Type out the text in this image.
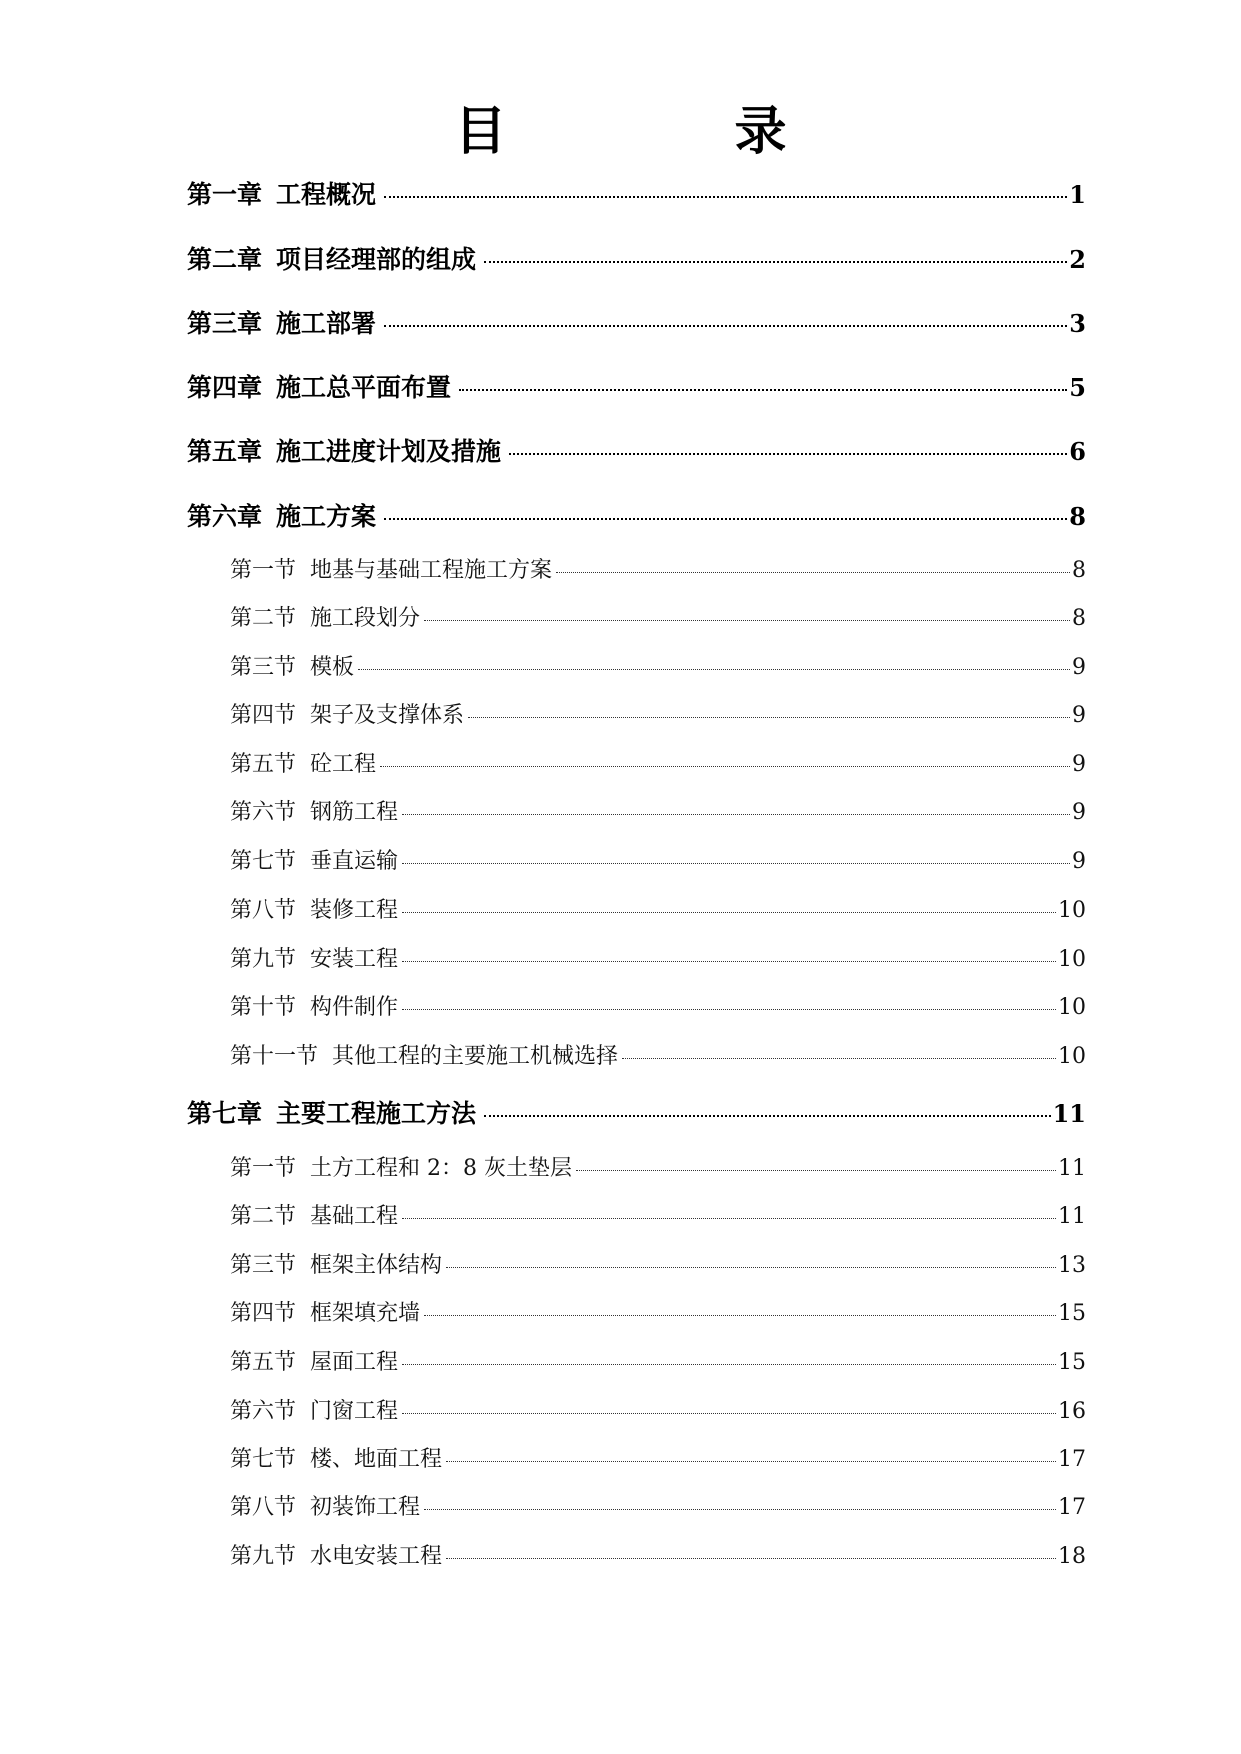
目　录
第一章 工程概况	1
第二章 项目经理部的组成	2
第三章 施工部署	3
第四章 施工总平面布置	5
第五章 施工进度计划及措施	6
第六章 施工方案	8
第一节 地基与基础工程施工方案	8
第二节 施工段划分	8
第三节 模板	9
第四节 架子及支撑体系	9
第五节 砼工程	9
第六节 钢筋工程	9
第七节 垂直运输	9
第八节 装修工程	10
第九节 安装工程	10
第十节 构件制作	10
第十一节 其他工程的主要施工机械选择	10
第七章 主要工程施工方法	11
第一节 土方工程和 2：8 灰土垫层	11
第二节 基础工程	11
第三节 框架主体结构	13
第四节 框架填充墙	15
第五节 屋面工程	15
第六节 门窗工程	16
第七节 楼、地面工程	17
第八节 初装饰工程	17
第九节 水电安装工程	18
